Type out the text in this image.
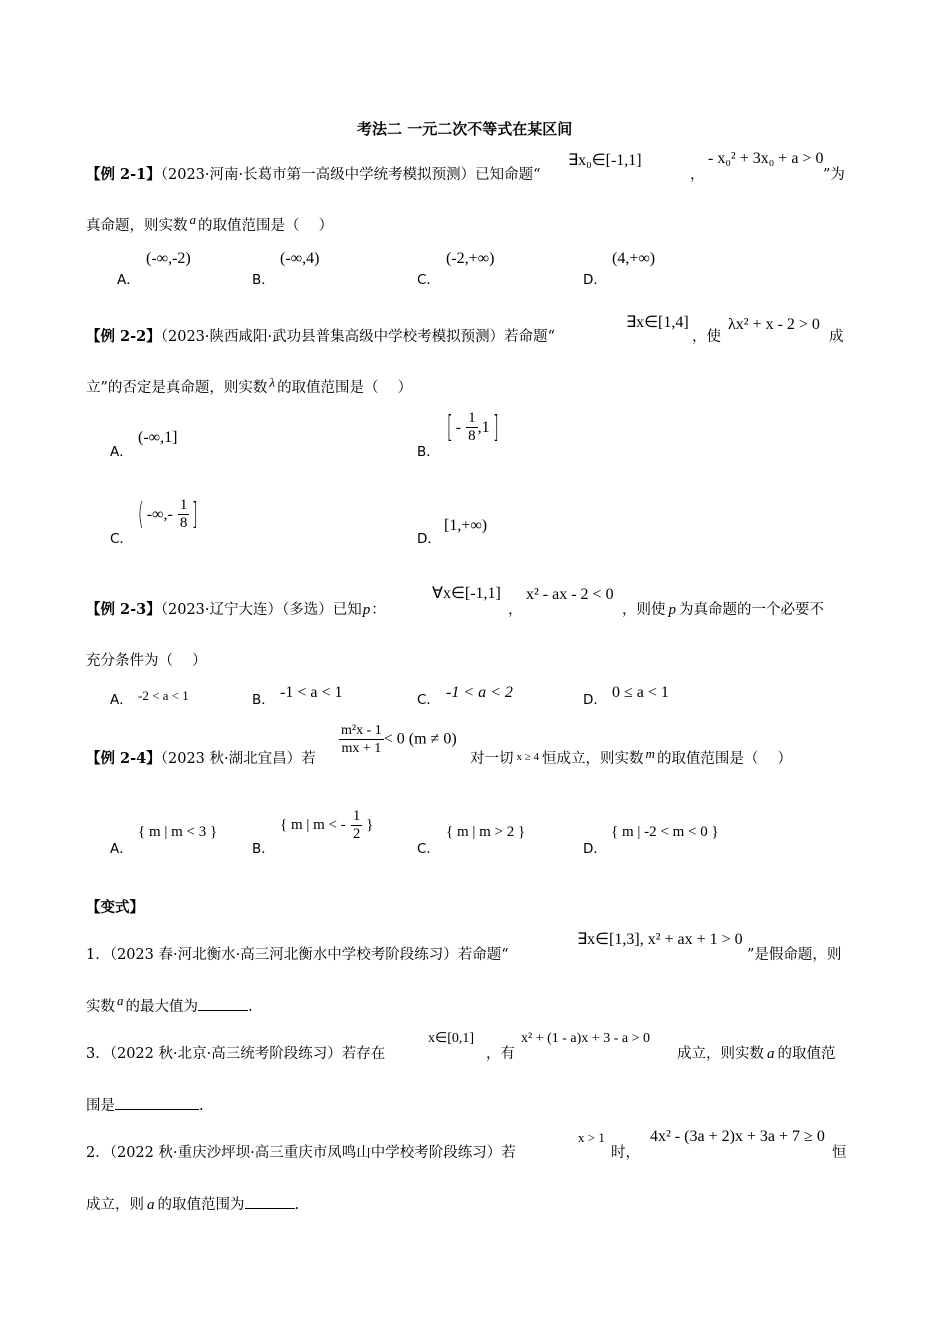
考法二 一元二次不等式在某区间
【例 2-1】（2023·河南·长葛市第一高级中学统考模拟预测）已知命题“
∃x₀∈[-1,1]
，
- x₀² + 3x₀ + a > 0
”为
真命题，则实数 a 的取值范围是（　 ）
A．
(-∞,-2)
B．
(-∞,4)
C．
(-2,+∞)
D．
(4,+∞)
【例 2-2】（2023·陕西咸阳·武功县普集高级中学校考模拟预测）若命题“
∃x∈[1,4]
，使
λx² + x - 2 > 0
成
立”的否定是真命题，则实数 λ 的取值范围是（　 ）
A．
(-∞,1]
B．
[ - $\frac{1}{8} ,1$]
C．
( -∞,- $\frac{1}{8}$ ]
D．
[1,+∞)
【例 2-3】（2023·辽宁大连）（多选）已知p：
∀x∈[-1,1]
，
x² - ax - 2 < 0
，则使 p 为真命题的一个必要不
充分条件为（　 ）
A． -2 < a < 1	B． -1 < a < 1	C． -1 < a < 2	D． 0 ≤ a < 1
【例 2-4】（2023 秋·湖北宜昌）若
$\frac{\text{m²x - 1}}{mx + 1} < 0$ (m ≠ 0)
对一切 $^{x \ge 4}$ 恒成立，则实数 m 的取值范围是（　 ）
A．
{ m | m < 3 }
B．
{ m | m < - $\frac{1}{2}$ }
C．
{ m | m > 2 }
D．
{ m | -2 < m < 0 }
【变式】
1．（2023 春·河北衡水·高三河北衡水中学校考阶段练习）若命题“
∃x∈[1,3], x² + ax + 1 > 0
”是假命题，则
实数 a 的最大值为	.
3．（2022 秋·北京·高三统考阶段练习）若存在
x∈[0,1]
，有
x² + (1 - a)x + 3 - a > 0
成立，则实数 a 的取值范
围是	.
2．（2022 秋·重庆沙坪坝·高三重庆市凤鸣山中学校考阶段练习）若
x > 1
时，
4x² - (3a + 2)x + 3a + 7 ≥ 0
恒
成立，则 a 的取值范围为	.
